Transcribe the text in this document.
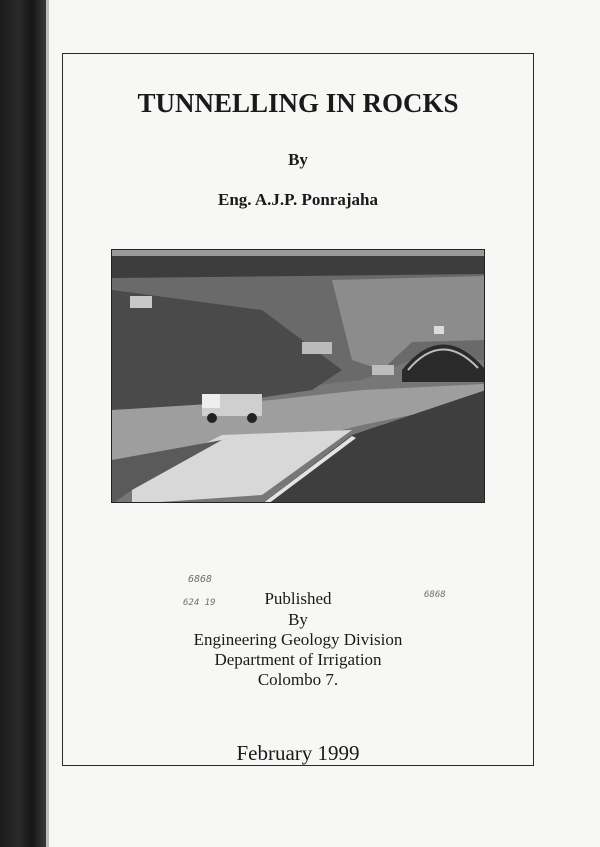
TUNNELLING IN ROCKS
By
Eng. A.J.P. Ponrajaha
6868
624 19
6868
Published
By
Engineering Geology Division
Department of Irrigation
Colombo 7.
February 1999
